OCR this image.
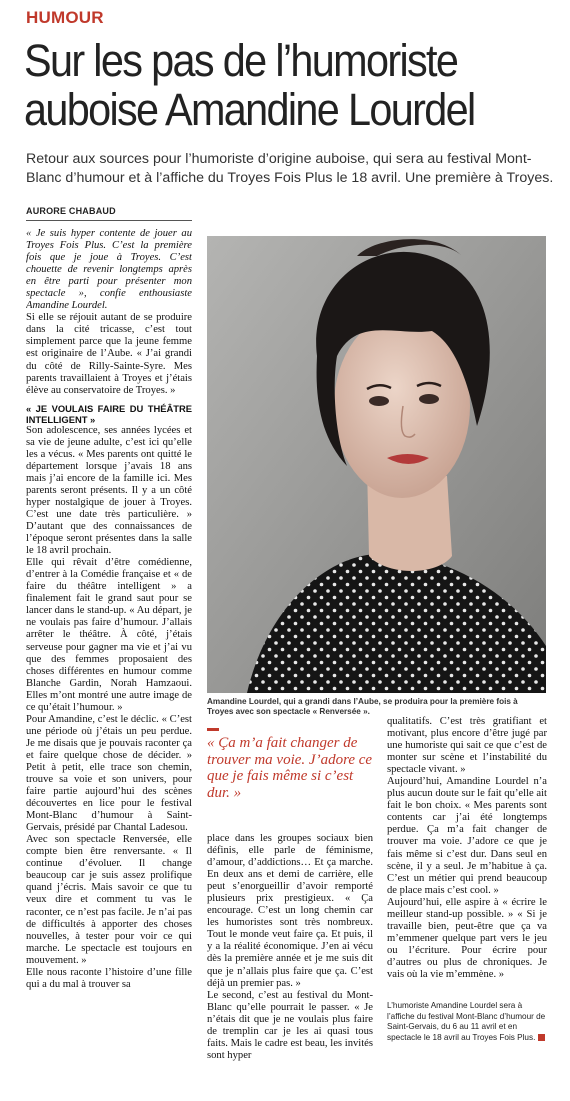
HUMOUR
Sur les pas de l’humoriste
auboise Amandine Lourdel
Retour aux sources pour l’humoriste d’origine auboise, qui sera au festival Mont-Blanc d’humour et à l’affiche du Troyes Fois Plus le 18 avril. Une première à Troyes.
AURORE CHABAUD

« Je suis hyper contente de jouer au Troyes Fois Plus. C’est la première fois que je joue à Troyes. C’est chouette de revenir longtemps après en être parti pour présenter mon spectacle », confie enthousiaste Amandine Lourdel.

Si elle se réjouit autant de se produire dans la cité tricasse, c’est tout simplement parce que la jeune femme est originaire de l’Aube. « J’ai grandi du côté de Rilly-Sainte-Syre. Mes parents travaillaient à Troyes et j’étais élève au conservatoire de Troyes. »

« JE VOULAIS FAIRE DU THÉÂTRE INTELLIGENT »

Son adolescence, ses années lycées et sa vie de jeune adulte, c’est ici qu’elle les a vécus. « Mes parents ont quitté le département lorsque j’avais 18 ans mais j’ai encore de la famille ici. Mes parents seront présents. Il y a un côté hyper nostalgique de jouer à Troyes. C’est une date très particulière. » D’autant que des connaissances de l’époque seront présentes dans la salle le 18 avril prochain.

Elle qui rêvait d’être comédienne, d’entrer à la Comédie française et « de faire du théâtre intelligent » a finalement fait le grand saut pour se lancer dans le stand-up. « Au départ, je ne voulais pas faire d’humour. J’allais arrêter le théâtre. À côté, j’étais serveuse pour gagner ma vie et j’ai vu que des femmes proposaient des choses différentes en humour comme Blanche Gardin, Norah Hamzaoui. Elles m’ont montré une autre image de ce qu’était l’humour. »

Pour Amandine, c’est le déclic. « C’est une période où j’étais un peu perdue. Je me disais que je pouvais raconter ça et faire quelque chose de décider. » Petit à petit, elle trace son chemin, trouve sa voie et son univers, pour faire partie aujourd’hui des scènes découvertes en lice pour le festival Mont-Blanc d’humour à Saint-Gervais, présidé par Chantal Ladesou.

Avec son spectacle Renversée, elle compte bien être renversante. « Il continue d’évoluer. Il change beaucoup car je suis assez prolifique quand j’écris. Mais savoir ce que tu veux dire et comment tu vas le raconter, ce n’est pas facile. Je n’ai pas de difficultés à apporter des choses nouvelles, à tester pour voir ce qui marche. Le spectacle est toujours en mouvement. »

Elle nous raconte l’histoire d’une fille qui a du mal à trouver sa

Amandine Lourdel, qui a grandi dans l’Aube, se produira pour la première fois à Troyes avec son spectacle « Renversée ».
« Ça m’a fait changer de trouver ma voie. J’adore ce que je fais même si c’est dur. »

place dans les groupes sociaux bien définis, elle parle de féminisme, d’amour, d’addictions… Et ça marche. En deux ans et demi de carrière, elle peut s’enorgueillir d’avoir remporté plusieurs prix prestigieux. « Ça encourage. C’est un long chemin car les humoristes sont très nombreux. Tout le monde veut faire ça. Et puis, il y a la réalité économique. J’en ai vécu dès la première année et je me suis dit que je n’allais plus faire que ça. C’est déjà un premier pas. »

Le second, c’est au festival du Mont-Blanc qu’elle pourrait le passer. « Je n’étais dit que je ne voulais plus faire de tremplin car je les ai quasi tous faits. Mais le cadre est beau, les invités sont hyper

qualitatifs. C’est très gratifiant et motivant, plus encore d’être jugé par une humoriste qui sait ce que c’est de monter sur scène et l’instabilité du spectacle vivant. »

Aujourd’hui, Amandine Lourdel n’a plus aucun doute sur le fait qu’elle ait fait le bon choix. « Mes parents sont contents car j’ai été longtemps perdue. Ça m’a fait changer de trouver ma voie. J’adore ce que je fais même si c’est dur. Dans seul en scène, il y a seul. Je m’habitue à ça. C’est un métier qui prend beaucoup de place mais c’est cool. »

Aujourd’hui, elle aspire à « écrire le meilleur stand-up possible. » « Si je travaille bien, peut-être que ça va m’emmener quelque part vers le jeu ou l’écriture. Pour écrire pour d’autres ou plus de chroniques. Je vais où la vie m’emmène. »

L’humoriste Amandine Lourdel sera à l’affiche du festival Mont-Blanc d’humour de Saint-Gervais, du 6 au 11 avril et en spectacle le 18 avril au Troyes Fois Plus.
